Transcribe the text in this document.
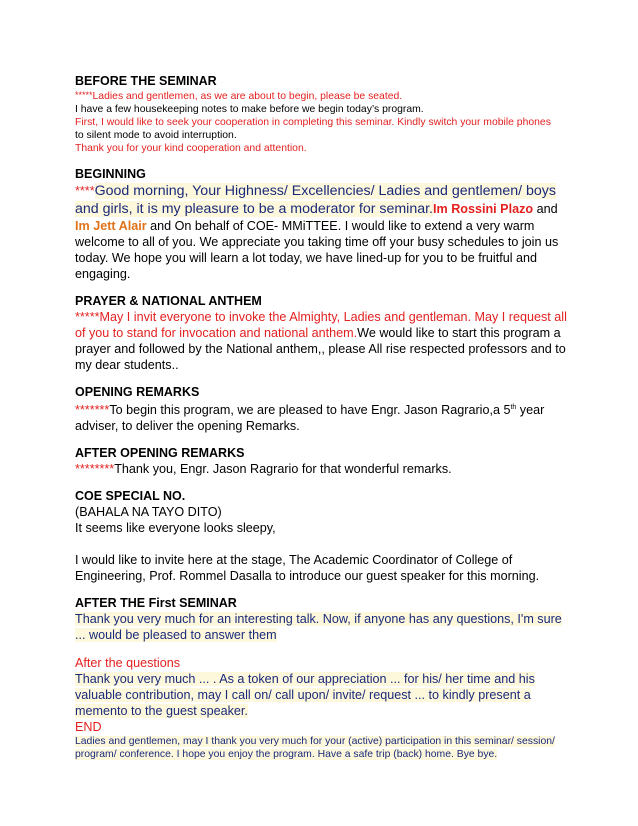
BEFORE THE SEMINAR
*****Ladies and gentlemen, as we are about to begin, please be seated.
I have a few housekeeping notes to make before we begin today’s program.
First, I would like to seek your cooperation in completing this seminar. Kindly switch your mobile phones
to silent mode to avoid interruption.
Thank you for your kind cooperation and attention.
BEGINNING
****Good morning, Your Highness/ Excellencies/ Ladies and gentlemen/ boys and girls, it is my pleasure to be a moderator for seminar.Im Rossini Plazo and
Im Jett Alair and On behalf of COE- MMiTTEE. I would like to extend a very warm welcome to all of you. We appreciate you taking time off your busy schedules to join us today. We hope you will learn a lot today, we have lined-up for you to be fruitful and engaging.
PRAYER & NATIONAL ANTHEM
*****May I invit everyone to invoke the Almighty, Ladies and gentleman. May I request all of you to stand for invocation and national anthem.We would like to start this program a prayer and followed by the National anthem,, please All rise respected professors and to my dear students..
OPENING REMARKS
*******To begin this program, we are pleased to have Engr. Jason Ragrario,a 5th year adviser, to deliver the opening Remarks.
AFTER OPENING REMARKS
********Thank you, Engr. Jason Ragrario for that wonderful remarks.
COE SPECIAL NO.
(BAHALA NA TAYO DITO)
It seems like everyone looks sleepy,
I would like to invite here at the stage, The Academic Coordinator of College of Engineering, Prof. Rommel Dasalla to introduce our guest speaker for this morning.
AFTER THE First SEMINAR
Thank you very much for an interesting talk. Now, if anyone has any questions, I'm sure ... would be pleased to answer them
After the questions
Thank you very much ... . As a token of our appreciation ... for his/ her time and his valuable contribution, may I call on/ call upon/ invite/ request ... to kindly present a memento to the guest speaker.
END
Ladies and gentlemen, may I thank you very much for your (active) participation in this seminar/ session/ program/ conference. I hope you enjoy the program. Have a safe trip (back) home. Bye bye.
